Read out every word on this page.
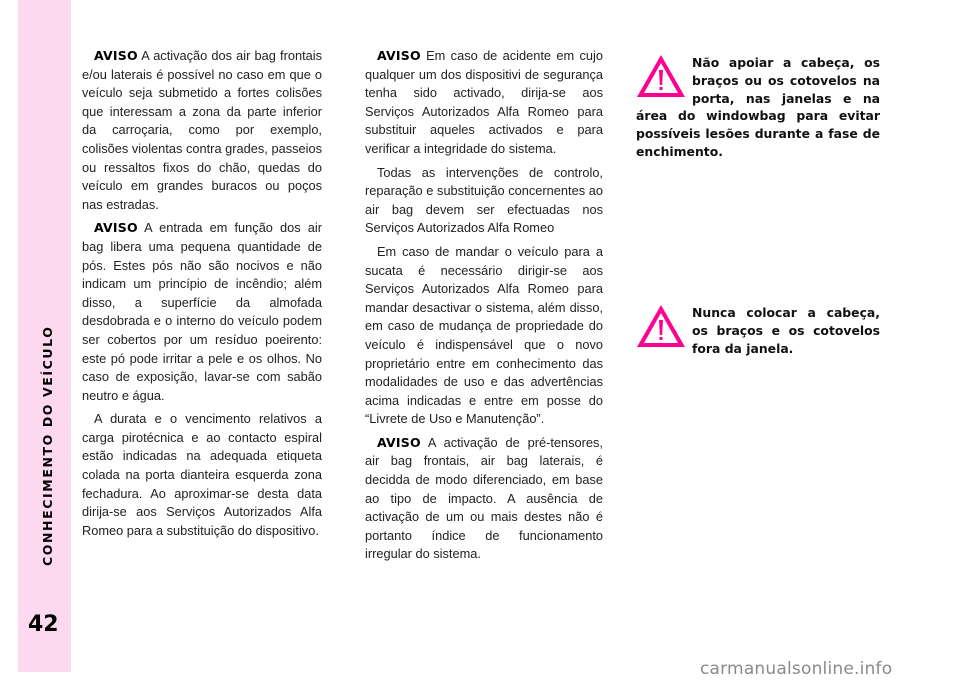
CONHECIMENTO DO VEÍCULO
42

AVISO A activação dos air bag frontais e/ou laterais é possível no caso em que o veículo seja submetido a fortes colisões que interessam a zona da parte inferior da carroçaria, como por exemplo, colisões violentas contra grades, passeios ou ressaltos fixos do chão, quedas do veículo em grandes buracos ou poços nas estradas.

AVISO A entrada em função dos air bag libera uma pequena quantidade de pós. Estes pós não são nocivos e não indicam um princípio de incêndio; além disso, a superfície da almofada desdobrada e o interno do veículo podem ser cobertos por um resíduo poeirento: este pó pode irritar a pele e os olhos. No caso de exposição, lavar-se com sabão neutro e água.

A durata e o vencimento relativos a carga pirotécnica e ao contacto espiral estão indicadas na adequada etiqueta colada na porta dianteira esquerda zona fechadura. Ao aproximar-se desta data dirija-se aos Serviços Autorizados Alfa Romeo para a substituição do dispositivo.

AVISO Em caso de acidente em cujo qualquer um dos dispositivi de segurança tenha sido activado, dirija-se aos Serviços Autorizados Alfa Romeo para substituir aqueles activados e para verificar a integridade do sistema.

Todas as intervenções de controlo, reparação e substituição concernentes ao air bag devem ser efectuadas nos Serviços Autorizados Alfa Romeo

Em caso de mandar o veículo para a sucata é necessário dirigir-se aos Serviços Autorizados Alfa Romeo para mandar desactivar o sistema, além disso, em caso de mudança de propriedade do veículo é indispensável que o novo proprietário entre em conhecimento das modalidades de uso e das advertências acima indicadas e entre em posse do “Livrete de Uso e Manutenção”.

AVISO A activação de pré-tensores, air bag frontais, air bag laterais, é decidda de modo diferenciado, em base ao tipo de impacto. A ausência de activação de um ou mais destes não é portanto índice de funcionamento irregular do sistema.

Não apoiar a cabeça, os braços ou os cotovelos na porta, nas janelas e na área do windowbag para evitar possíveis lesões durante a fase de enchimento.
Nunca colocar a cabeça, os braços e os cotovelos fora da janela.
carmanualsonline.info
